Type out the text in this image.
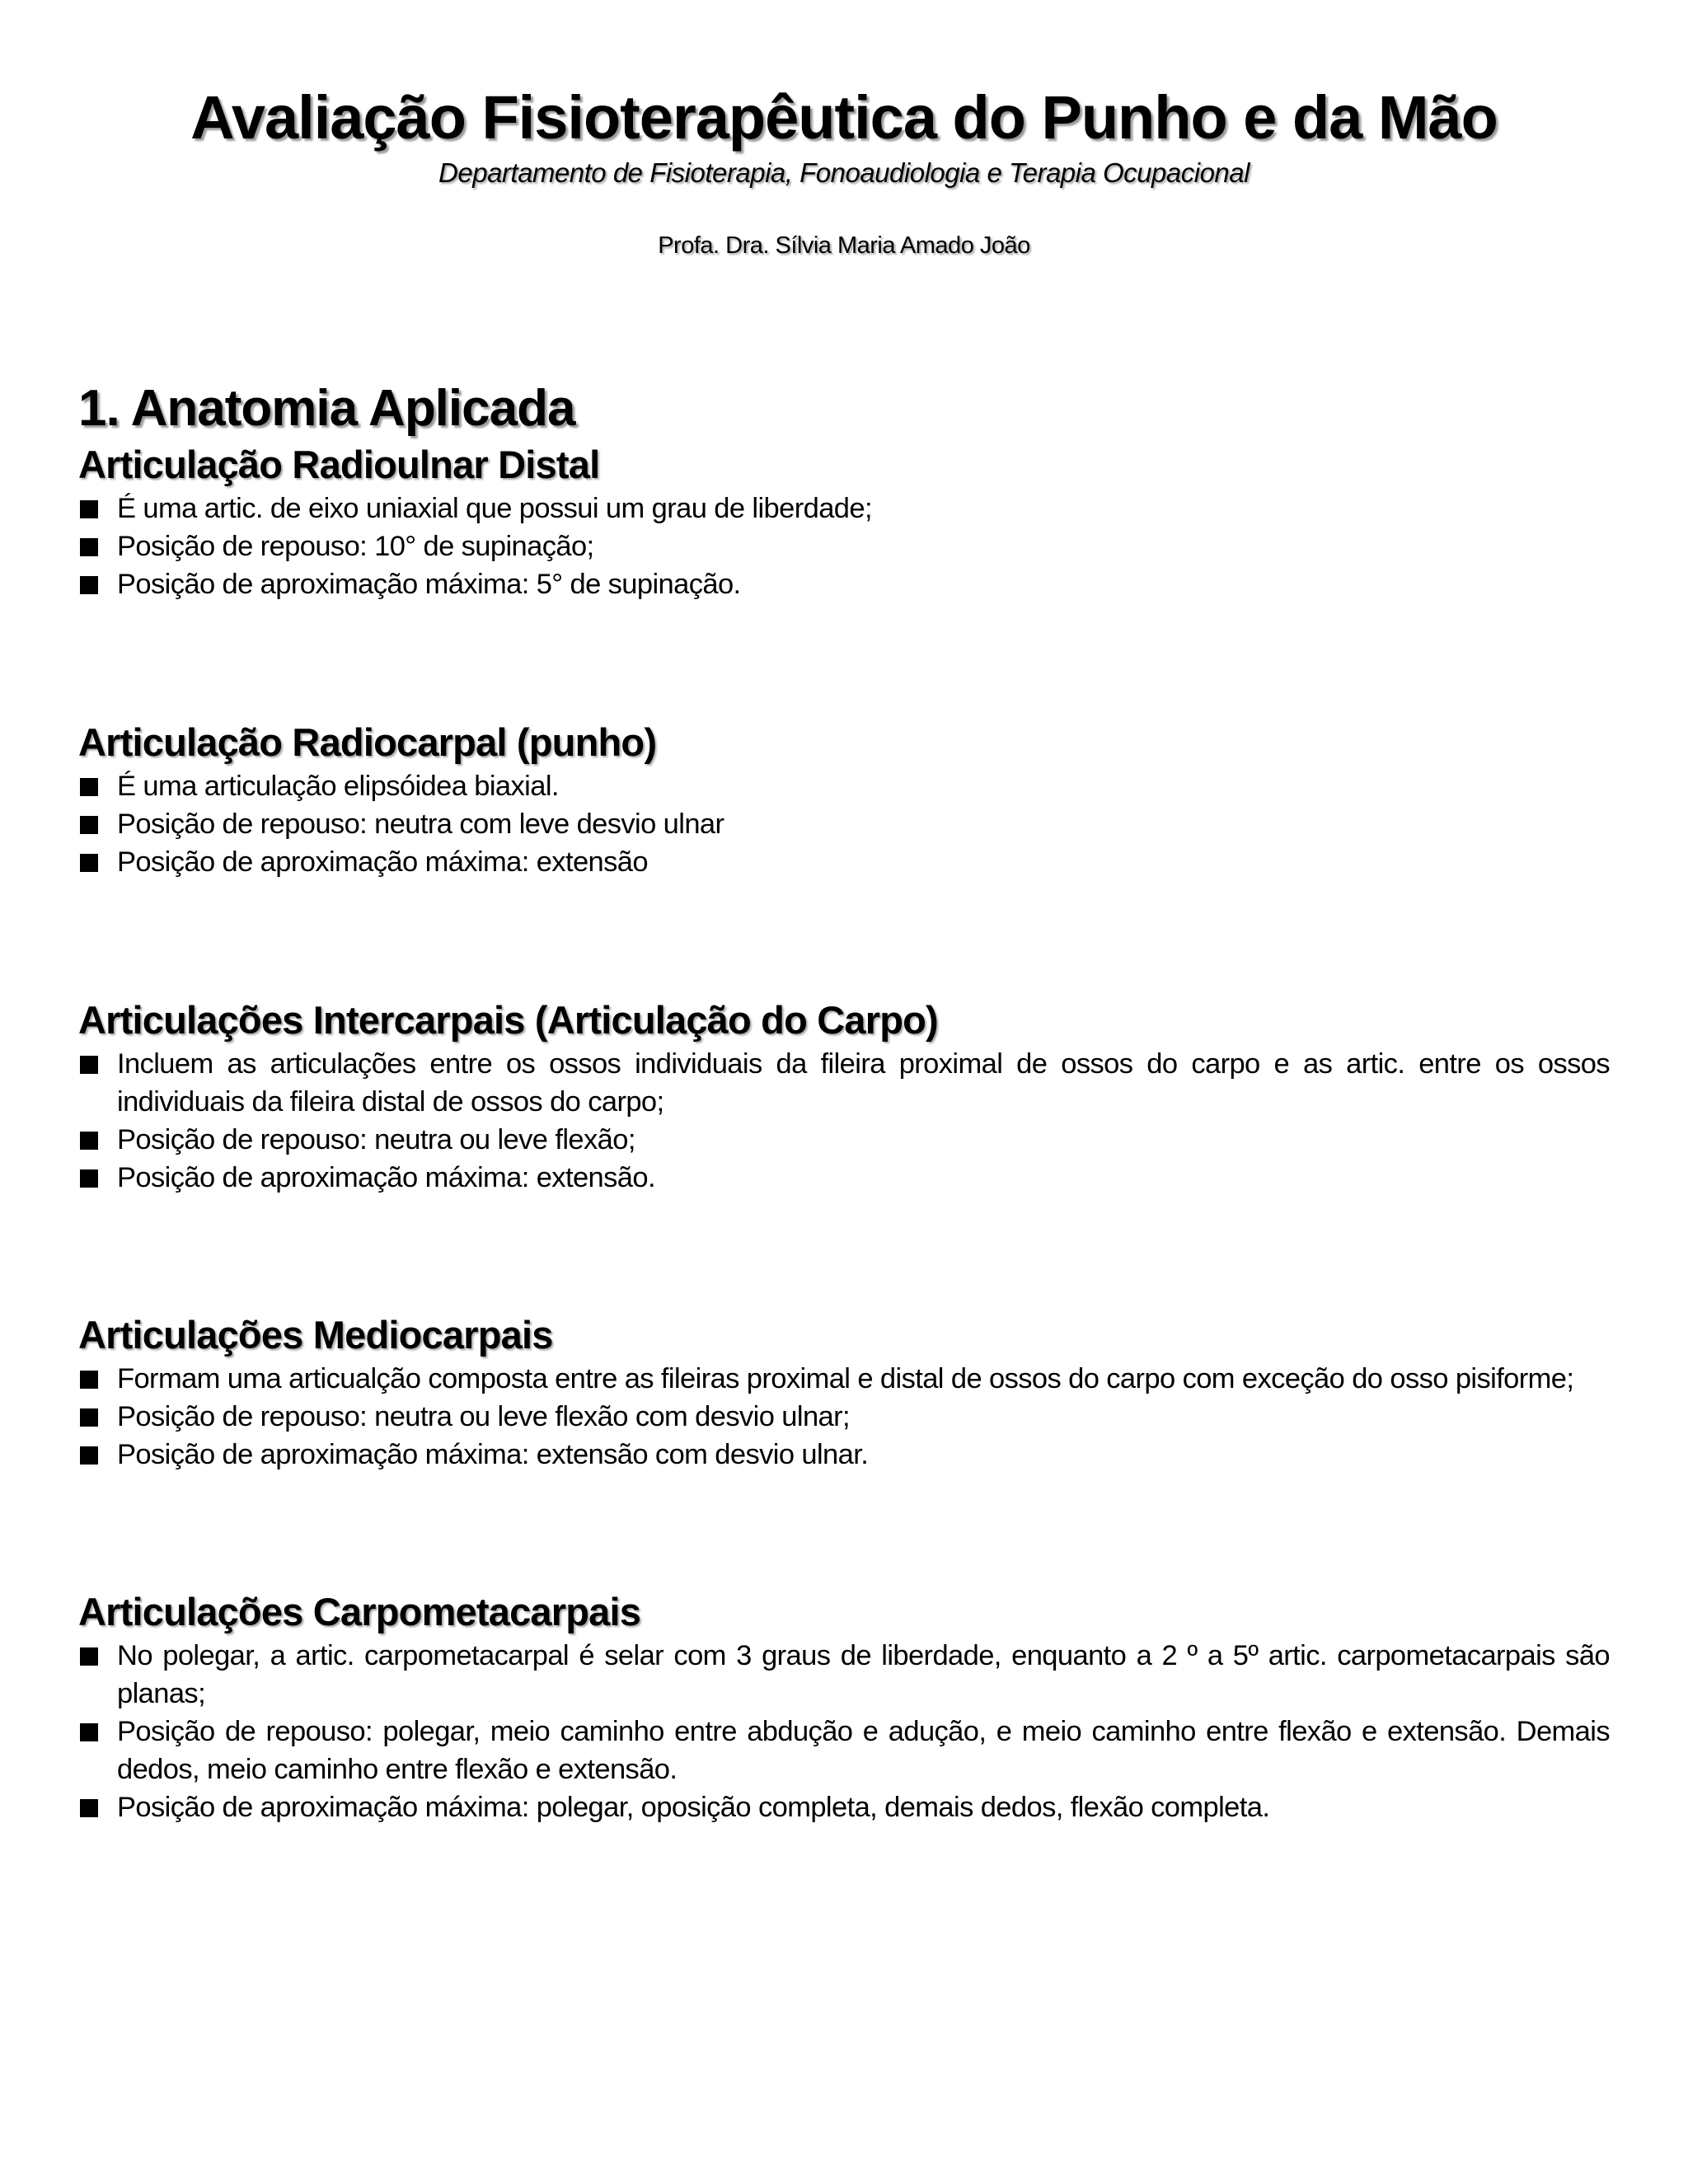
Avaliação Fisioterapêutica do Punho e da Mão

Departamento de Fisioterapia, Fonoaudiologia e Terapia Ocupacional

Profa. Dra. Sílvia Maria Amado João

1. Anatomia Aplicada
Articulação Radioulnar Distal
É uma artic. de eixo uniaxial que possui um grau de liberdade;
Posição de repouso: 10° de supinação;
Posição de aproximação máxima: 5° de supinação.
Articulação Radiocarpal (punho)
É uma articulação elipsóidea biaxial.
Posição de repouso: neutra com leve desvio ulnar
Posição de aproximação máxima: extensão
Articulações Intercarpais (Articulação do Carpo)
Incluem as articulações entre os ossos individuais da fileira proximal de ossos do carpo e as artic. entre os ossos individuais da fileira distal de ossos do carpo;
Posição de repouso: neutra ou leve flexão;
Posição de aproximação máxima: extensão.
Articulações Mediocarpais
Formam uma articualção composta entre as fileiras proximal e distal de ossos do carpo com exceção do osso pisiforme;
Posição de repouso: neutra ou leve flexão com desvio ulnar;
Posição de aproximação máxima: extensão com desvio ulnar.
Articulações Carpometacarpais
No polegar, a artic. carpometacarpal é selar com 3 graus de liberdade, enquanto a 2 º a 5º artic. carpometacarpais são planas;
Posição de repouso: polegar, meio caminho entre abdução e adução, e meio caminho entre flexão e extensão. Demais dedos, meio caminho entre flexão e extensão.
Posição de aproximação máxima: polegar, oposição completa, demais dedos, flexão completa.
